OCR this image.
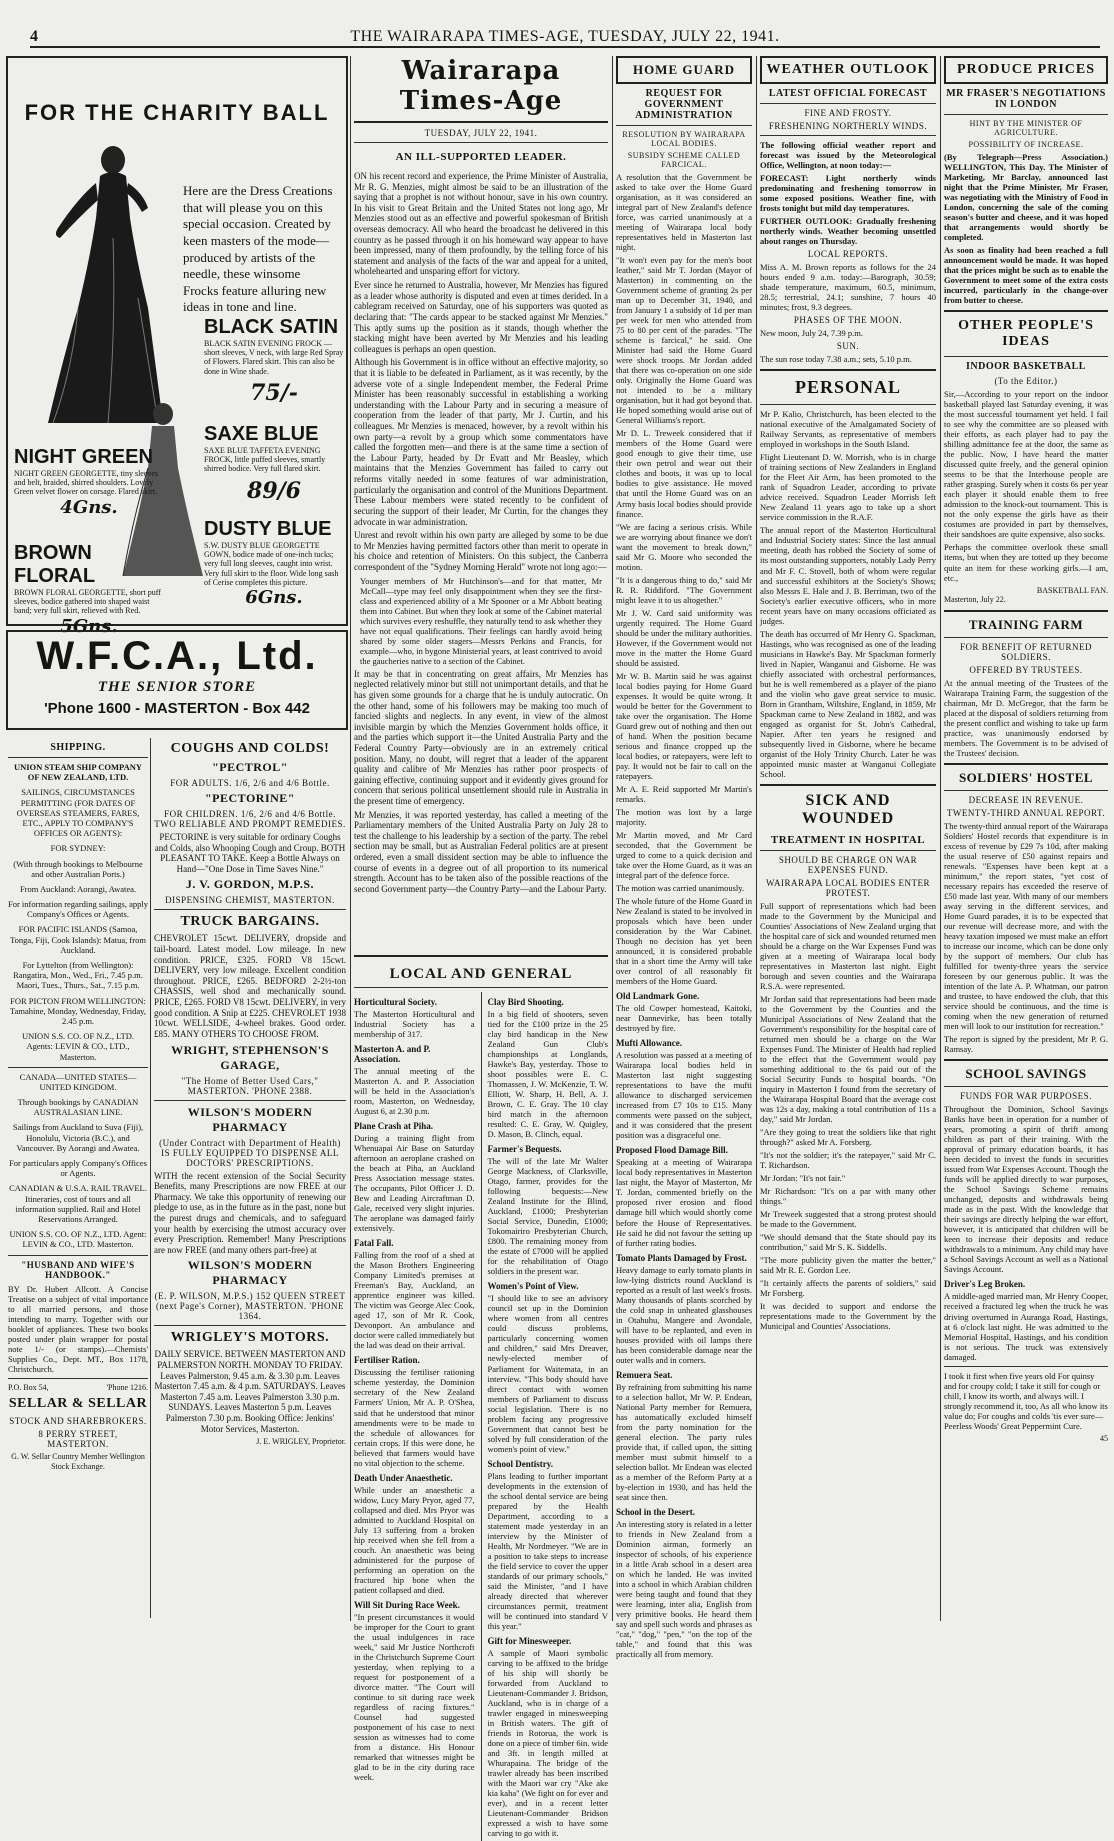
4	THE WAIRARAPA TIMES-AGE, TUESDAY, JULY 22, 1941.
FOR THE CHARITY BALL

Here are the Dress Creations that will please you on this special occasion. Created by keen masters of the mode—produced by artists of the needle, these winsome Frocks feature alluring new ideas in tone and line.

BLACK SATIN
BLACK SATIN EVENING FROCK —short sleeves, V neck, with large Red Spray of Flowers. Flared skirt. This can also be done in Wine shade.
75/-
SAXE BLUE
SAXE BLUE TAFFETA EVENING FROCK, little puffed sleeves, smartly shirred bodice. Very full flared skirt.
89/6
NIGHT GREEN
NIGHT GREEN GEORGETTE, tiny sleeves and belt, braided, shirred shoulders. Lovely Green velvet flower on corsage. Flared skirt.
4Gns.
DUSTY BLUE
S.W. DUSTY BLUE GEORGETTE GOWN, bodice made of one-inch tucks; very full long sleeves, caught into wrist. Very full skirt to the floor. Wide long sash of Cerise completes this picture.
6Gns.
BROWN FLORAL
BROWN FLORAL GEORGETTE, short puff sleeves, bodice gathered into shaped waist band; very full skirt, relieved with Red.
5Gns.
W.F.C.A., Ltd.
THE SENIOR STORE
'Phone 1600 - MASTERTON - Box 442
SHIPPING.
UNION STEAM SHIP COMPANY OF NEW ZEALAND, LTD.
SAILINGS, CIRCUMSTANCES PERMITTING (FOR DATES OF OVERSEAS STEAMERS, FARES, ETC., APPLY TO COMPANY'S OFFICES OR AGENTS):
FOR SYDNEY:
(With through bookings to Melbourne and other Australian Ports.)
From Auckland: Aorangi, Awatea.
For information regarding sailings, apply Company's Offices or Agents.
FOR PACIFIC ISLANDS (Samoa, Tonga, Fiji, Cook Islands): Matua, from Auckland.
For Lyttelton (from Wellington): Rangatira, Mon., Wed., Fri., 7.45 p.m. Maori, Tues., Thurs., Sat., 7.15 p.m.
FOR PICTON FROM WELLINGTON: Tamahine, Monday, Wednesday, Friday, 2.45 p.m.
UNION S.S. CO. OF N.Z., LTD. Agents: LEVIN & CO., LTD., Masterton.
CANADA—UNITED STATES—UNITED KINGDOM.
Through bookings by CANADIAN AUSTRALASIAN LINE.
Sailings from Auckland to Suva (Fiji), Honolulu, Victoria (B.C.), and Vancouver. By Aorangi and Awatea.
For particulars apply Company's Offices or Agents.
CANADIAN & U.S.A. RAIL TRAVEL. Itineraries, cost of tours and all information supplied. Rail and Hotel Reservations Arranged.
UNION S.S. CO. OF N.Z., LTD. Agent: LEVIN & CO., LTD. Masterton.
"HUSBAND AND WIFE'S HANDBOOK."

BY Dr. Hubert Allcott. A Concise Treatise on a subject of vital importance to all married persons, and those intending to marry. Together with our booklet of appliances. These two books posted under plain wrapper for postal note 1/- (or stamps).—Chemists' Supplies Co., Dept. MT., Box 1178, Christchurch.

P.O. Box 54,	'Phone 1216.
SELLAR & SELLAR
STOCK AND SHAREBROKERS.
8 PERRY STREET, MASTERTON.
G. W. Sellar Country Member Wellington Stock Exchange.
COUGHS AND COLDS!
"PECTROL"
FOR ADULTS. 1/6, 2/6 and 4/6 Bottle.
"PECTORINE"
FOR CHILDREN. 1/6, 2/6 and 4/6 Bottle. TWO RELIABLE AND PROMPT REMEDIES.

PECTORINE is very suitable for ordinary Coughs and Colds, also Whooping Cough and Croup. BOTH PLEASANT TO TAKE. Keep a Bottle Always on Hand—"One Dose in Time Saves Nine."

J. V. GORDON, M.P.S.
DISPENSING CHEMIST, MASTERTON.
TRUCK BARGAINS.

CHEVROLET 15cwt. DELIVERY, dropside and tail-board. Latest model. Low mileage. In new condition. PRICE, £325. FORD V8 15cwt. DELIVERY, very low mileage. Excellent condition throughout. PRICE, £265. BEDFORD 2-2½-ton CHASSIS, well shod and mechanically sound. PRICE, £265. FORD V8 15cwt. DELIVERY, in very good condition. A Snip at £225. CHEVROLET 1938 10cwt. WELLSIDE, 4-wheel brakes. Good order. £85. MANY OTHERS TO CHOOSE FROM.

WRIGHT, STEPHENSON'S GARAGE,
"The Home of Better Used Cars," MASTERTON. 'PHONE 2388.
WILSON'S MODERN PHARMACY
(Under Contract with Department of Health) IS FULLY EQUIPPED TO DISPENSE ALL DOCTORS' PRESCRIPTIONS.

WITH the recent extension of the Social Security Benefits, many Prescriptions are now FREE at our Pharmacy. We take this opportunity of renewing our pledge to use, as in the future as in the past, none but the purest drugs and chemicals, and to safeguard your health by exercising the utmost accuracy over every Prescription. Remember! Many Prescriptions are now FREE (and many others part-free) at

WILSON'S MODERN PHARMACY
(E. P. WILSON, M.P.S.) 152 QUEEN STREET (next Page's Corner), MASTERTON. 'PHONE 1364.
WRIGLEY'S MOTORS.

DAILY SERVICE. BETWEEN MASTERTON AND PALMERSTON NORTH. MONDAY TO FRIDAY. Leaves Palmerston, 9.45 a.m. & 3.30 p.m. Leaves Masterton 7.45 a.m. & 4 p.m. SATURDAYS. Leaves Masterton 7.45 a.m. Leaves Palmerston 3.30 p.m. SUNDAYS. Leaves Masterton 5 p.m. Leaves Palmerston 7.30 p.m. Booking Office: Jenkins' Motor Services, Masterton.

J. E. WRIGLEY, Proprietor.
Wairarapa Times-Age
TUESDAY, JULY 22, 1941.
AN ILL-SUPPORTED LEADER.

ON his recent record and experience, the Prime Minister of Australia, Mr R. G. Menzies, might almost be said to be an illustration of the saying that a prophet is not without honour, save in his own country. In his visit to Great Britain and the United States not long ago, Mr Menzies stood out as an effective and powerful spokesman of British overseas democracy. All who heard the broadcast he delivered in this country as he passed through it on his homeward way appear to have been impressed, many of them profoundly, by the telling force of his statement and analysis of the facts of the war and appeal for a united, wholehearted and unsparing effort for victory.

Ever since he returned to Australia, however, Mr Menzies has figured as a leader whose authority is disputed and even at times derided. In a cablegram received on Saturday, one of his supporters was quoted as declaring that: "The cards appear to be stacked against Mr Menzies." This aptly sums up the position as it stands, though whether the stacking might have been averted by Mr Menzies and his leading colleagues is perhaps an open question.

Although his Government is in office without an effective majority, so that it is liable to be defeated in Parliament, as it was recently, by the adverse vote of a single Independent member, the Federal Prime Minister has been reasonably successful in establishing a working understanding with the Labour Party and in securing a measure of cooperation from the leader of that party, Mr J. Curtin, and his colleagues. Mr Menzies is menaced, however, by a revolt within his own party—a revolt by a group which some commentators have called the forgotten men—and there is at the same time a section of the Labour Party, headed by Dr Evatt and Mr Beasley, which maintains that the Menzies Government has failed to carry out reforms vitally needed in some features of war administration, particularly the organisation and control of the Munitions Department. These Labour members were stated recently to be confident of securing the support of their leader, Mr Curtin, for the changes they advocate in war administration.

Unrest and revolt within his own party are alleged by some to be due to Mr Menzies having permitted factors other than merit to operate in his choice and retention of Ministers. On this subject, the Canberra correspondent of the "Sydney Morning Herald" wrote not long ago:—

Younger members of Mr Hutchinson's—and for that matter, Mr McCall—type may feel only disappointment when they see the first-class and experienced ability of a Mr Spooner or a Mr Abbott beating them into Cabinet. But when they look at some of the Cabinet material which survives every reshuffle, they naturally tend to ask whether they have not equal qualifications. Their feelings can hardly avoid being shared by some older stagers—Messrs Perkins and Francis, for example—who, in bygone Ministerial years, at least contrived to avoid the gaucheries native to a section of the Cabinet.

It may be that in concentrating on great affairs, Mr Menzies has neglected relatively minor but still not unimportant details, and that he has given some grounds for a charge that he is unduly autocratic. On the other hand, some of his followers may be making too much of fancied slights and neglects. In any event, in view of the almost invisible margin by which the Menzies Government holds office, it and the parties which support it—the United Australia Party and the Federal Country Party—obviously are in an extremely critical position. Many, no doubt, will regret that a leader of the apparent quality and calibre of Mr Menzies has rather poor prospects of gaining effective, continuing support and it evidently gives ground for concern that serious political unsettlement should rule in Australia in the present time of emergency.

Mr Menzies, it was reported yesterday, has called a meeting of the Parliamentary members of the United Australia Party on July 28 to test the challenge to his leadership by a section of the party. The rebel section may be small, but as Australian Federal politics are at present ordered, even a small dissident section may be able to influence the course of events in a degree out of all proportion to its numerical strength. Account has to be taken also of the possible reactions of the second Government party—the Country Party—and the Labour Party.

LOCAL AND GENERAL
Horticultural Society.

The Masterton Horticultural and Industrial Society has a membership of 317.

Masterton A. and P. Association.

The annual meeting of the Masterton A. and P. Association will be held in the Association's room, Masterton, on Wednesday, August 6, at 2.30 p.m.

Plane Crash at Piha.

During a training flight from Whenuapai Air Base on Saturday afternoon an aeroplane crashed on the beach at Piha, an Auckland Press Association message states. The occupants, Pilot Officer J. D. Bew and Leading Aircraftman D. Gale, received very slight injuries. The aeroplane was damaged fairly extensively.

Fatal Fall.

Falling from the roof of a shed at the Mason Brothers Engineering Company Limited's premises at Freeman's Bay, Auckland, an apprentice engineer was killed. The victim was George Alec Cook, aged 17, son of Mr R. Cook, Devonport. An ambulance and doctor were called immediately but the lad was dead on their arrival.

Fertiliser Ration.

Discussing the fertiliser rationing scheme yesterday, the Dominion secretary of the New Zealand Farmers' Union, Mr A. P. O'Shea, said that he understood that minor amendments were to be made to the schedule of allowances for certain crops. If this were done, he believed that farmers would have no vital objection to the scheme.

Death Under Anaesthetic.

While under an anaesthetic a widow, Lucy Mary Pryor, aged 77, collapsed and died. Mrs Pryor was admitted to Auckland Hospital on July 13 suffering from a broken hip received when she fell from a couch. An anaesthetic was being administered for the purpose of performing an operation on the fractured hip bone when the patient collapsed and died.

Will Sit During Race Week.

"In present circumstances it would be improper for the Court to grant the usual indulgences in race week," said Mr Justice Northcroft in the Christchurch Supreme Court yesterday, when replying to a request for postponement of a divorce matter. "The Court will continue to sit during race week regardless of racing fixtures." Counsel had suggested postponement of his case to next session as witnesses had to come from a distance. His Honour remarked that witnesses might be glad to be in the city during race week.

Clay Bird Shooting.

In a big field of shooters, seven tied for the £100 prize in the 25 clay bird handicap in the New Zealand Gun Club's championships at Longlands, Hawke's Bay, yesterday. Those to shoot possibles were E. C. Thomassen, J. W. McKenzie, T. W. Elliott, W. Sharp, H. Bell, A. J. Brown, C. E. Gray. The 10 clay bird match in the afternoon resulted: C. E. Gray, W. Quigley, D. Mason, B. Clinch, equal.

Farmer's Bequests.

The will of the late Mr Walter George Mackness, of Clarksville, Otago, farmer, provides for the following bequests:—New Zealand Institute for the Blind, Auckland, £1000; Presbyterian Social Service, Dunedin, £1000; Tokomairiro Presbyterian Church, £800. The remaining money from the estate of £7000 will be applied for the rehabilitation of Otago soldiers in the present war.

Women's Point of View.

"I should like to see an advisory council set up in the Dominion where women from all centres could discuss problems, particularly concerning women and children," said Mrs Dreaver, newly-elected member of Parliament for Waitemata, in an interview. "This body should have direct contact with women members of Parliament to discuss social legislation. There is no problem facing any progressive Government that cannot best be solved by full consideration of the women's point of view."

School Dentistry.

Plans leading to further important developments in the extension of the school dental service are being prepared by the Health Department, according to a statement made yesterday in an interview by the Minister of Health, Mr Nordmeyer. "We are in a position to take steps to increase the field service to cover the upper standards of our primary schools," said the Minister, "and I have already directed that wherever circumstances permit, treatment will be continued into standard V this year."

Gift for Minesweeper.

A sample of Maori symbolic carving to be affixed to the bridge of his ship will shortly be forwarded from Auckland to Lieutenant-Commander J. Bridson, Auckland, who is in charge of a trawler engaged in minesweeping in British waters. The gift of friends in Rotorua, the work is done on a piece of timber 6in. wide and 3ft. in length milled at Whurapaina. The bridge of the trawler already has been inscribed with the Maori war cry "Ake ake kia kaha" (We fight on for ever and ever), and in a recent letter Lieutenant-Commander Bridson expressed a wish to have some carving to go with it.

HOME GUARD
REQUEST FOR GOVERNMENT ADMINISTRATION
RESOLUTION BY WAIRARAPA LOCAL BODIES.
SUBSIDY SCHEME CALLED FARCICAL.

A resolution that the Government be asked to take over the Home Guard organisation, as it was considered an integral part of New Zealand's defence force, was carried unanimously at a meeting of Wairarapa local body representatives held in Masterton last night.

"It won't even pay for the men's boot leather," said Mr T. Jordan (Mayor of Masterton) in commenting on the Government scheme of granting 2s per man up to December 31, 1940, and from January 1 a subsidy of 1d per man per week for men who attended from 75 to 80 per cent of the parades. "The scheme is farcical," he said. One Minister had said the Home Guard were shock troops. Mr Jordan added that there was co-operation on one side only. Originally the Home Guard was not intended to be a military organisation, but it had got beyond that. He hoped something would arise out of General Williams's report.

Mr D. L. Treweek considered that if members of the Home Guard were good enough to give their time, use their own petrol and wear out their clothes and boots, it was up to local bodies to give assistance. He moved that until the Home Guard was on an Army basis local bodies should provide finance.

"We are facing a serious crisis. While we are worrying about finance we don't want the movement to break down," said Mr G. Moore who seconded the motion.

"It is a dangerous thing to do," said Mr R. R. Riddiford. "The Government might leave it to us altogether."

Mr J. W. Card said uniformity was urgently required. The Home Guard should be under the military authorities. However, if the Government would not move in the matter the Home Guard should be assisted.

Mr W. B. Martin said he was against local bodies paying for Home Guard expenses. It would be quite wrong. It would be better for the Government to take over the organisation. The Home Guard grew out of nothing and then out of hand. When the position became serious and finance cropped up the local bodies, or ratepayers, were left to pay. It would not be fair to call on the ratepayers.

Mr A. E. Reid supported Mr Martin's remarks.

The motion was lost by a large majority.

Mr Martin moved, and Mr Card seconded, that the Government be urged to come to a quick decision and take over the Home Guard, as it was an integral part of the defence force.

The motion was carried unanimously.

The whole future of the Home Guard in New Zealand is stated to be involved in proposals which have been under consideration by the War Cabinet. Though no decision has yet been announced, it is considered probable that in a short time the Army will take over control of all reasonably fit members of the Home Guard.

Old Landmark Gone.

The old Cowper homestead, Kaitoki, near Dannevirke, has been totally destroyed by fire.

Mufti Allowance.

A resolution was passed at a meeting of Wairarapa local bodies held in Masterton last night suggesting representations to have the mufti allowance to discharged servicemen increased from £7 10s to £15. Many comments were passed on the subject, and it was considered that the present position was a disgraceful one.

Proposed Flood Damage Bill.

Speaking at a meeting of Wairarapa local body representatives in Masterton last night, the Mayor of Masterton, Mr T. Jordan, commented briefly on the proposed river erosion and flood damage bill which would shortly come before the House of Representatives. He said he did not favour the setting up of further rating bodies.

Tomato Plants Damaged by Frost.

Heavy damage to early tomato plants in low-lying districts round Auckland is reported as a result of last week's frosts. Many thousands of plants scorched by the cold snap in unheated glasshouses in Otahuhu, Mangere and Avondale, will have to be replanted, and even in houses provided with oil lamps there has been considerable damage near the outer walls and in corners.

Remuera Seat.

By refraining from submitting his name to a selection ballot, Mr W. P. Endean, National Party member for Remuera, has automatically excluded himself from the party nomination for the general election. The party rules provide that, if called upon, the sitting member must submit himself to a selection ballot. Mr Endean was elected as a member of the Reform Party at a by-election in 1930, and has held the seat since then.

School in the Desert.

An interesting story is related in a letter to friends in New Zealand from a Dominion airman, formerly an inspector of schools, of his experience in a little Arab school in a desert area on which he landed. He was invited into a school in which Arabian children were being taught and found that they were learning, inter alia, English from very primitive books. He heard them say and spell such words and phrases as "cat," "dog," "pen," "on the top of the table," and found that this was practically all from memory.

WEATHER OUTLOOK
LATEST OFFICIAL FORECAST
FINE AND FROSTY.
FRESHENING NORTHERLY WINDS.

The following official weather report and forecast was issued by the Meteorological Office, Wellington, at noon today:—

FORECAST: Light northerly winds predominating and freshening tomorrow in some exposed positions. Weather fine, with frosts tonight but mild day temperatures.

FURTHER OUTLOOK: Gradually freshening northerly winds. Weather becoming unsettled about ranges on Thursday.

LOCAL REPORTS.

Miss A. M. Brown reports as follows for the 24 hours ended 9 a.m. today:—Barograph, 30.59; shade temperature, maximum, 60.5, minimum, 28.5; terrestrial, 24.1; sunshine, 7 hours 40 minutes; frost, 9.3 degrees.

PHASES OF THE MOON.

New moon, July 24, 7.39 p.m.

SUN.

The sun rose today 7.38 a.m.; sets, 5.10 p.m.

PERSONAL

Mr P. Kalio, Christchurch, has been elected to the national executive of the Amalgamated Society of Railway Servants, as representative of members employed in workshops in the South Island.

Flight Lieutenant D. W. Morrish, who is in charge of training sections of New Zealanders in England for the Fleet Air Arm, has been promoted to the rank of Squadron Leader, according to private advice received. Squadron Leader Morrish left New Zealand 11 years ago to take up a short service commission in the R.A.F.

The annual report of the Masterton Horticultural and Industrial Society states: Since the last annual meeting, death has robbed the Society of some of its most outstanding supporters, notably Lady Perry and Mr F. C. Stovell, both of whom were regular and successful exhibitors at the Society's Shows; also Messrs E. Hale and J. B. Berriman, two of the Society's earlier executive officers, who in more recent years have on many occasions officiated as judges.

The death has occurred of Mr Henry G. Spackman, Hastings, who was recognised as one of the leading musicians in Hawke's Bay. Mr Spackman formerly lived in Napier, Wanganui and Gisborne. He was chiefly associated with orchestral performances, but he is well remembered as a player of the piano and the violin who gave great service to music. Born in Grantham, Wiltshire, England, in 1859, Mr Spackman came to New Zealand in 1882, and was engaged as organist for St. John's Cathedral, Napier. After ten years he resigned and subsequently lived in Gisborne, where he became organist of the Holy Trinity Church. Later he was appointed music master at Wanganui Collegiate School.

SICK AND WOUNDED
TREATMENT IN HOSPITAL
SHOULD BE CHARGE ON WAR EXPENSES FUND.
WAIRARAPA LOCAL BODIES ENTER PROTEST.

Full support of representations which had been made to the Government by the Municipal and Counties' Associations of New Zealand urging that the hospital care of sick and wounded returned men should be a charge on the War Expenses Fund was given at a meeting of Wairarapa local body representatives in Masterton last night. Eight borough and seven counties and the Wairarapa R.S.A. were represented.

Mr Jordan said that representations had been made to the Government by the Counties and the Municipal Associations of New Zealand that the Government's responsibility for the hospital care of returned men should be a charge on the War Expenses Fund. The Minister of Health had replied to the effect that the Government would pay something additional to the 6s paid out of the Social Security Funds to hospital boards. "On inquiry in Masterton I found from the secretary of the Wairarapa Hospital Board that the average cost was 12s a day, making a total contribution of 11s a day," said Mr Jordan.

"Are they going to treat the soldiers like that right through?" asked Mr A. Forsberg.

"It's not the soldier; it's the ratepayer," said Mr C. T. Richardson.

Mr Jordan: "It's not fair."

Mr Richardson: "It's on a par with many other things."

Mr Treweek suggested that a strong protest should be made to the Government.

"We should demand that the State should pay its contribution," said Mr S. K. Siddells.

"The more publicity given the matter the better," said Mr R. E. Gordon Lee.

"It certainly affects the parents of soldiers," said Mr Forsberg.

It was decided to support and endorse the representations made to the Government by the Municipal and Counties' Associations.

PRODUCE PRICES
MR FRASER'S NEGOTIATIONS IN LONDON
HINT BY THE MINISTER OF AGRICULTURE.
POSSIBILITY OF INCREASE.

(By Telegraph—Press Association.) WELLINGTON, This Day. The Minister of Marketing, Mr Barclay, announced last night that the Prime Minister, Mr Fraser, was negotiating with the Ministry of Food in London, concerning the sale of the coming season's butter and cheese, and it was hoped that arrangements would shortly be completed.

As soon as finality had been reached a full announcement would be made. It was hoped that the prices might be such as to enable the Government to meet some of the extra costs incurred, particularly in the change-over from butter to cheese.

OTHER PEOPLE'S IDEAS
INDOOR BASKETBALL
(To the Editor.)

Sir,—According to your report on the indoor basketball played last Saturday evening, it was the most successful tournament yet held. I fail to see why the committee are so pleased with their efforts, as each player had to pay the shilling admittance fee at the door, the same as the public. Now, I have heard the matter discussed quite freely, and the general opinion seems to be that the Interhouse people are rather grasping. Surely when it costs 6s per year each player it should enable them to free admission to the knock-out tournament. This is not the only expense the girls have as their costumes are provided in part by themselves, their sandshoes are quite expensive, also socks.

Perhaps the committee overlook these small items, but when they are totted up they become quite an item for these working girls.—I am, etc.,

BASKETBALL FAN.
Masterton, July 22.
TRAINING FARM
FOR BENEFIT OF RETURNED SOLDIERS.
OFFERED BY TRUSTEES.

At the annual meeting of the Trustees of the Wairarapa Training Farm, the suggestion of the chairman, Mr D. McGregor, that the farm be placed at the disposal of soldiers returning from the present conflict and wishing to take up farm practice, was unanimously endorsed by members. The Government is to be advised of the Trustees' decision.

SOLDIERS' HOSTEL
DECREASE IN REVENUE.
TWENTY-THIRD ANNUAL REPORT.

The twenty-third annual report of the Wairarapa Soldiers' Hostel records that expenditure is in excess of revenue by £29 7s 10d, after making the usual reserve of £50 against repairs and renewals. "Expenses have been kept at a minimum," the report states, "yet cost of necessary repairs has exceeded the reserve of £50 made last year. With many of our members away serving in the different services, and Home Guard parades, it is to be expected that our revenue will decrease more, and with the heavy taxation imposed we must make an effort to increase our income, which can be done only by the support of members. Our club has fulfilled for twenty-three years the service foreseen by our generous public. It was the intention of the late A. P. Whatman, our patron and trustee, to have endowed the club, that this service should be continuous, and the time is coming when the new generation of returned men will look to our institution for recreation."

The report is signed by the president, Mr P. G. Ramsay.

SCHOOL SAVINGS
FUNDS FOR WAR PURPOSES.

Throughout the Dominion, School Savings Banks have been in operation for a number of years, promoting a spirit of thrift among children as part of their training. With the approval of primary education boards, it has been decided to invest the funds in securities issued from War Expenses Account. Though the funds will be applied directly to war purposes, the School Savings Scheme remains unchanged, deposits and withdrawals being made as in the past. With the knowledge that their savings are directly helping the war effort, however, it is anticipated that children will be keen to increase their deposits and reduce withdrawals to a minimum. Any child may have a School Savings Account as well as a National Savings Account.

Driver's Leg Broken.

A middle-aged married man, Mr Henry Cooper, received a fractured leg when the truck he was driving overturned in Auranga Road, Hastings, at 6 o'clock last night. He was admitted to the Memorial Hospital, Hastings, and his condition is not serious. The truck was extensively damaged.

I took it first when five years old For quinsy and for croupy cold; I take it still for cough or chill, I know its worth, and always will. I strongly recommend it, too, As all who know its value do; For coughs and colds 'tis ever sure—Peerless Woods' Great Peppermint Cure.

45
